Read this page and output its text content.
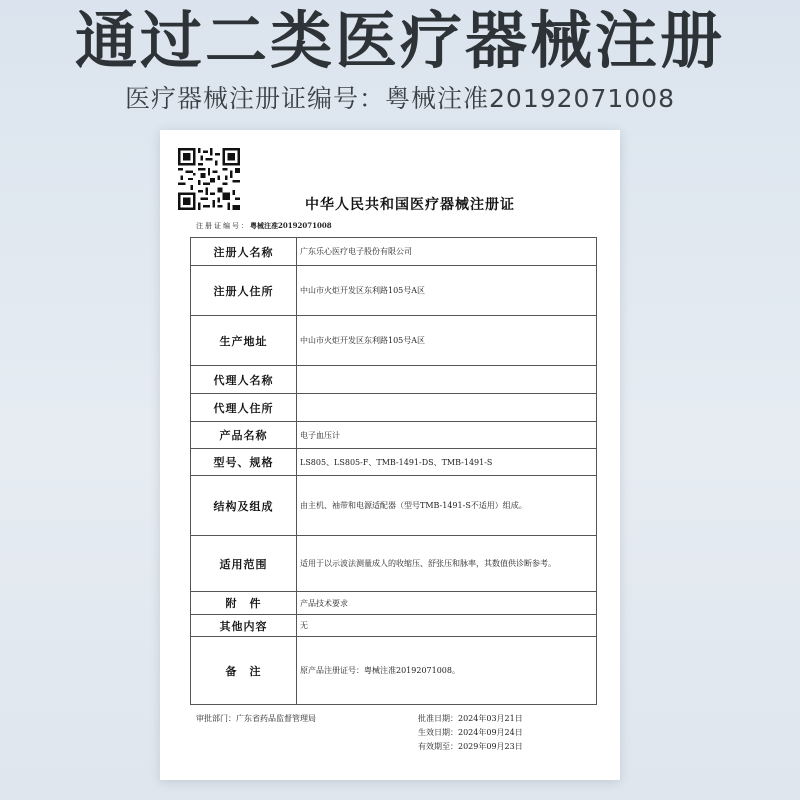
通过二类医疗器械注册
医疗器械注册证编号：粤械注准20192071008
中华人民共和国医疗器械注册证
注册证编号：粤械注准20192071008
注册人名称	广东乐心医疗电子股份有限公司
注册人住所	中山市火炬开发区东利路105号A区
生产地址	中山市火炬开发区东利路105号A区
代理人名称	
代理人住所	
产品名称	电子血压计
型号、规格	LS805、LS805-F、TMB-1491-DS、TMB-1491-S
结构及组成	由主机、袖带和电源适配器（型号TMB-1491-S不适用）组成。
适用范围	适用于以示波法测量成人的收缩压、舒张压和脉率，其数值供诊断参考。
附　件	产品技术要求
其他内容	无
备　注	原产品注册证号：粤械注准20192071008。
审批部门：广东省药品监督管理局	批准日期：2024年03月21日
生效日期：2024年09月24日
有效期至：2029年09月23日
